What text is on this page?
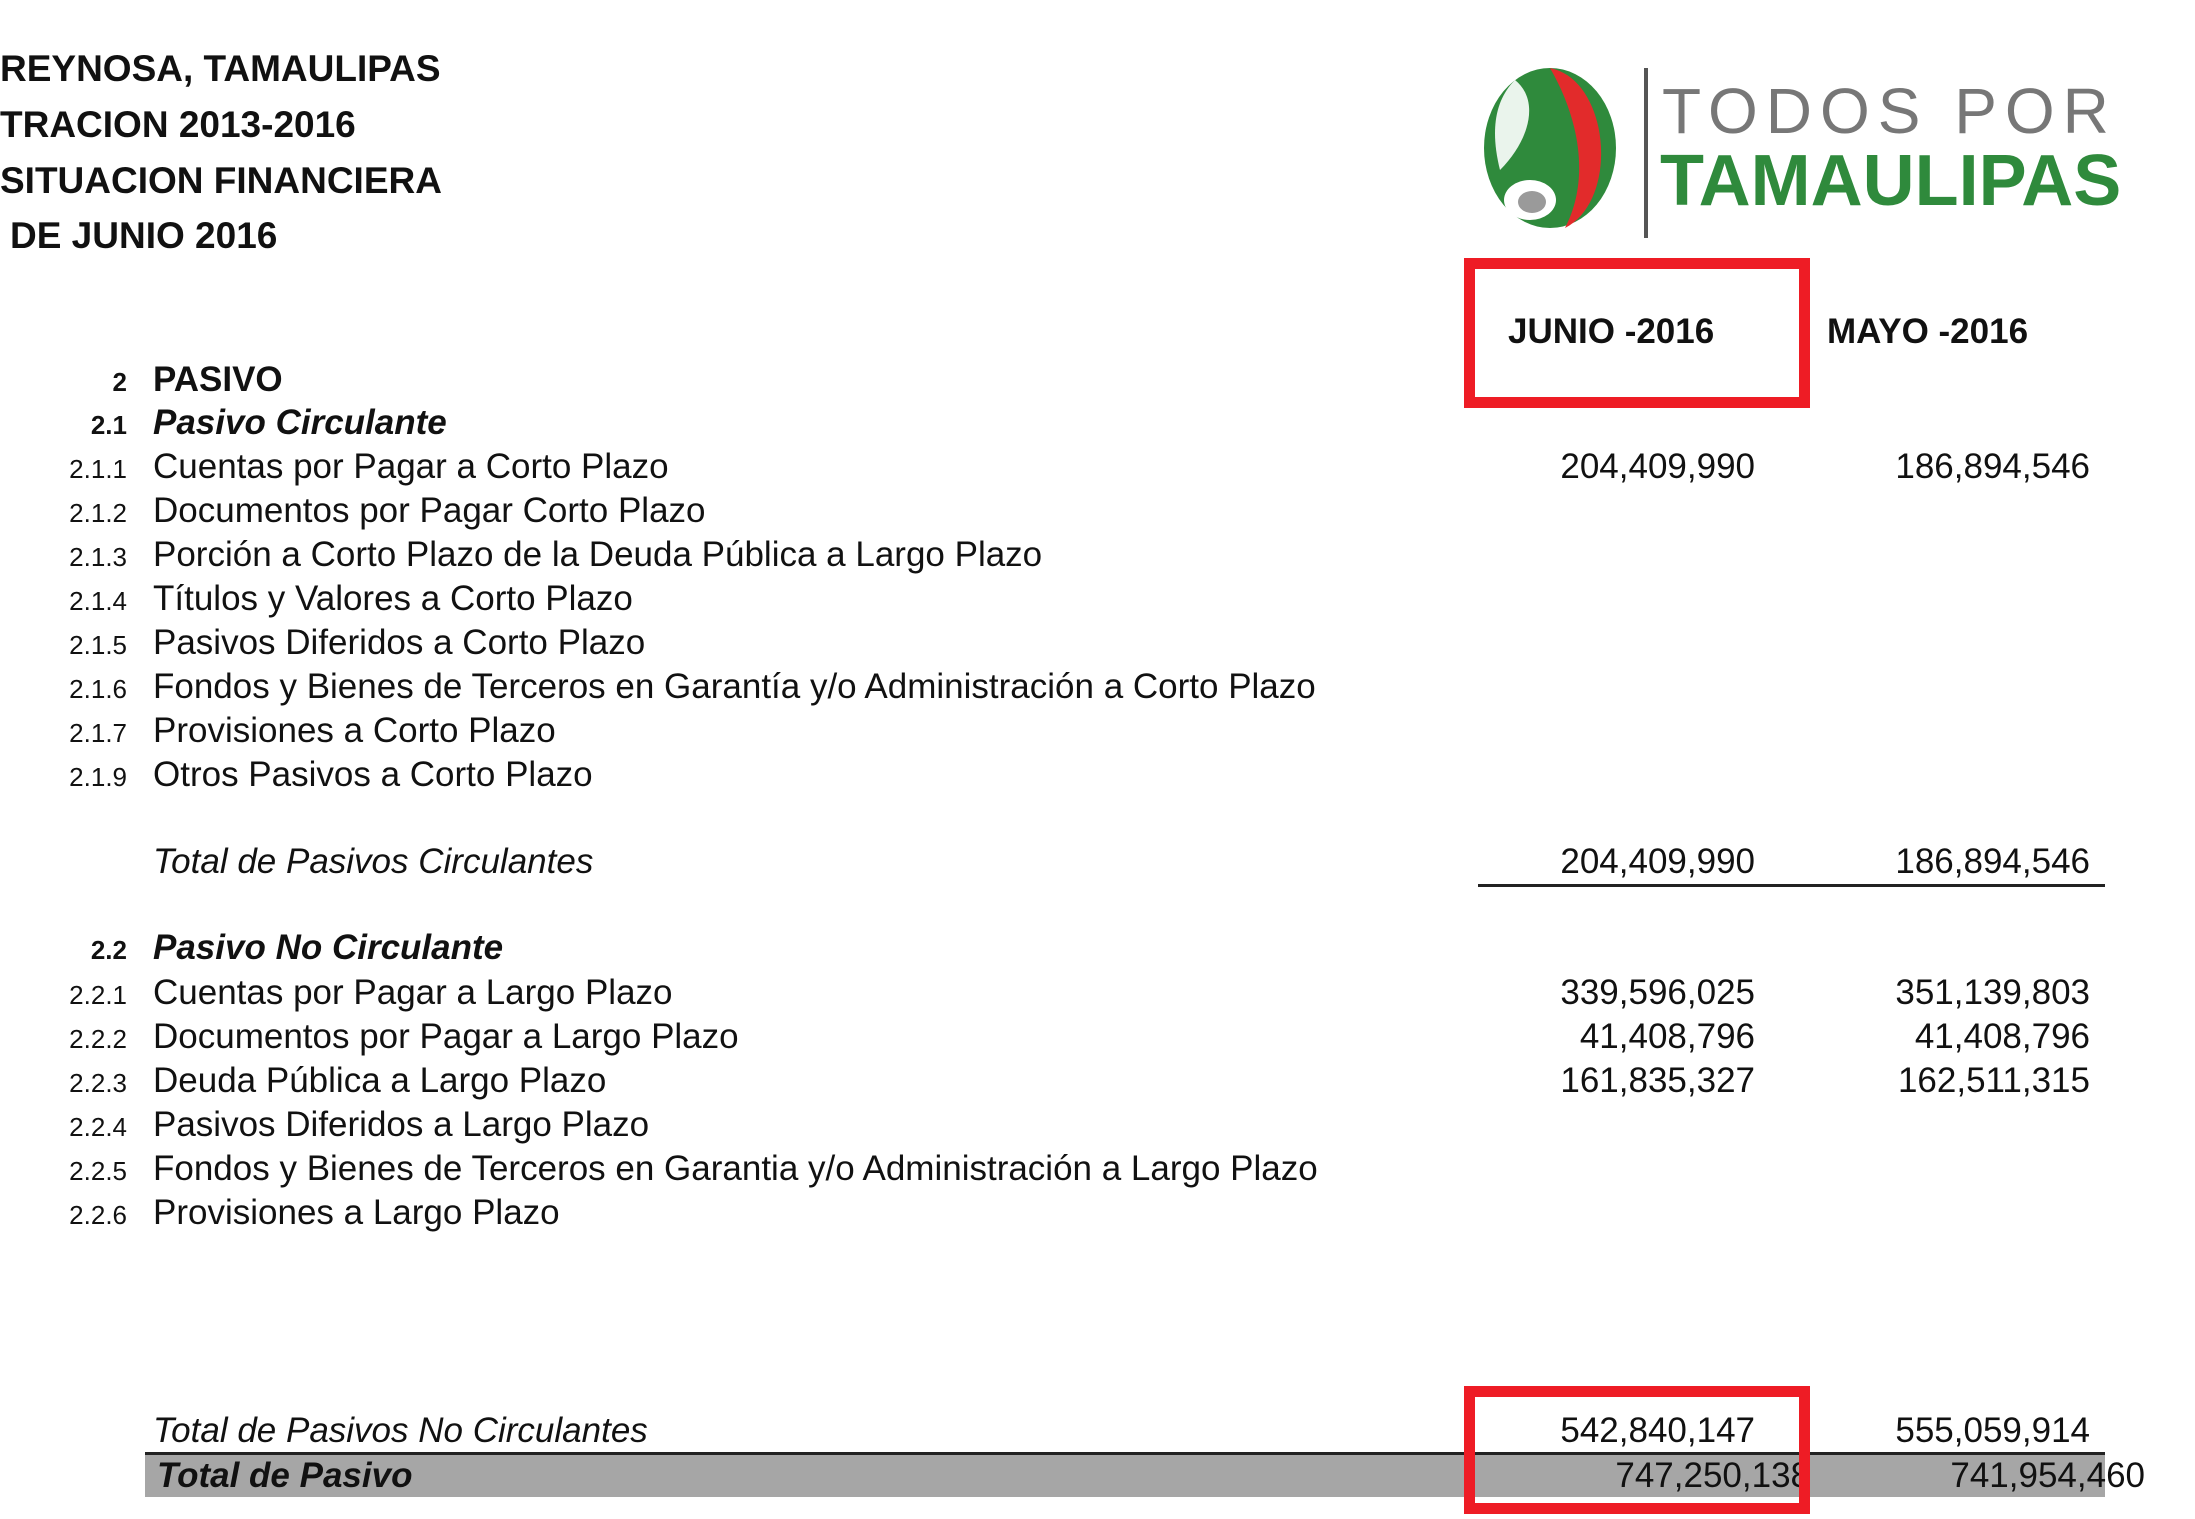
REYNOSA, TAMAULIPAS
TRACION 2013-2016
SITUACION FINANCIERA
DE JUNIO 2016
TODOS POR
TAMAULIPAS
JUNIO -2016	MAYO -2016
2 PASIVO
2.1 Pasivo Circulante
2.1.1 Cuentas por Pagar a Corto Plazo	204,409,990	186,894,546
2.1.2 Documentos por Pagar Corto Plazo
2.1.3 Porción a Corto Plazo de la Deuda Pública a Largo Plazo
2.1.4 Títulos y Valores a Corto Plazo
2.1.5 Pasivos Diferidos a Corto Plazo
2.1.6 Fondos y Bienes de Terceros en Garantía y/o Administración a Corto Plazo
2.1.7 Provisiones a Corto Plazo
2.1.9 Otros Pasivos a Corto Plazo
Total de Pasivos Circulantes	204,409,990	186,894,546
2.2 Pasivo No Circulante
2.2.1 Cuentas por Pagar a Largo Plazo	339,596,025	351,139,803
2.2.2 Documentos por Pagar a Largo Plazo	41,408,796	41,408,796
2.2.3 Deuda Pública a Largo Plazo	161,835,327	162,511,315
2.2.4 Pasivos Diferidos a Largo Plazo
2.2.5 Fondos y Bienes de Terceros en Garantia y/o Administración a Largo Plazo
2.2.6 Provisiones a Largo Plazo
Total de Pasivos No Circulantes	542,840,147	555,059,914
Total de Pasivo	747,250,138	741,954,460
